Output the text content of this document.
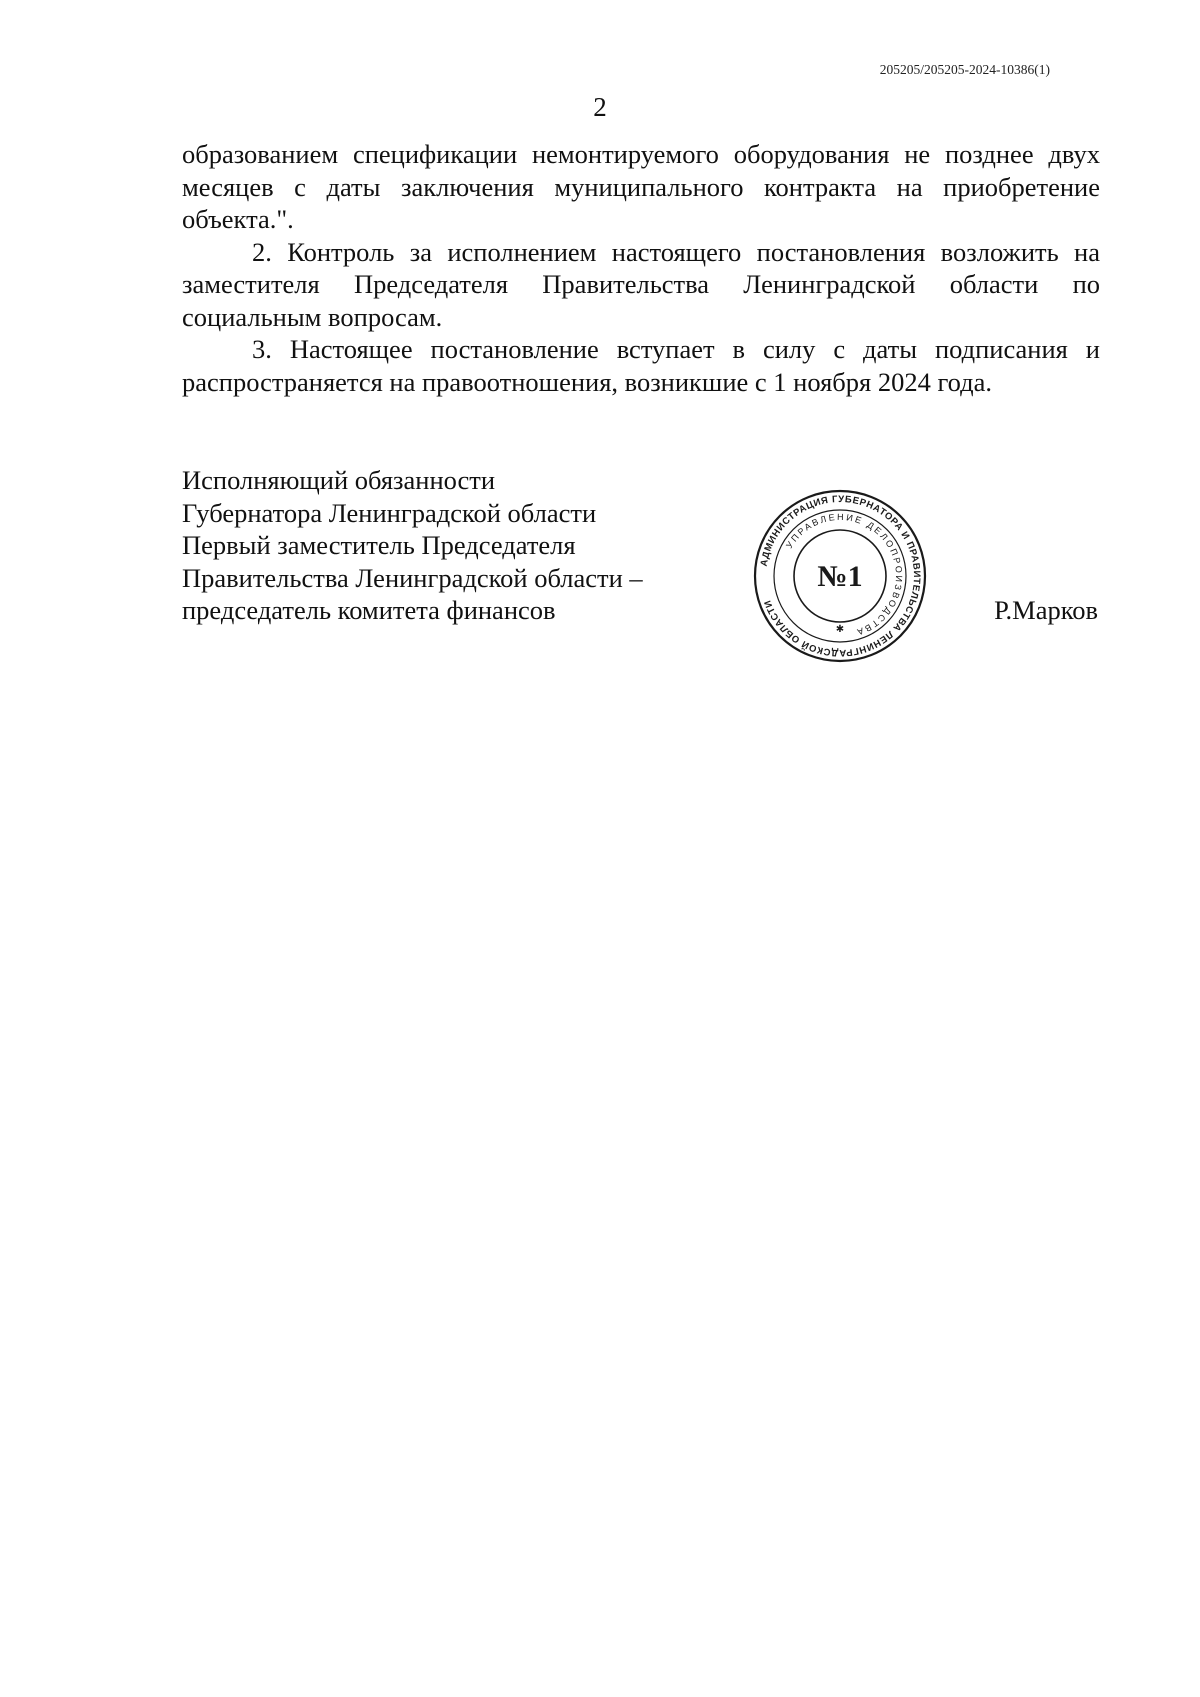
205205/205205-2024-10386(1)
2

образованием спецификации немонтируемого оборудования не позднее двух месяцев с даты заключения муниципального контракта на приобретение объекта.".

2. Контроль за исполнением настоящего постановления возложить на заместителя Председателя Правительства Ленинградской области по социальным вопросам.

3. Настоящее постановление вступает в силу с даты подписания и распространяется на правоотношения, возникшие с 1 ноября 2024 года.

Исполняющий обязанности
Губернатора Ленинградской области
Первый заместитель Председателя
Правительства Ленинградской области –
председатель комитета финансов	Р.Марков
АДМИНИСТРАЦИЯ ГУБЕРНАТОРА И ПРАВИТЕЛЬСТВА ЛЕНИНГРАДСКОЙ ОБЛАСТИ
УПРАВЛЕНИЕ ДЕЛОПРОИЗВОДСТВА
№1
✱
